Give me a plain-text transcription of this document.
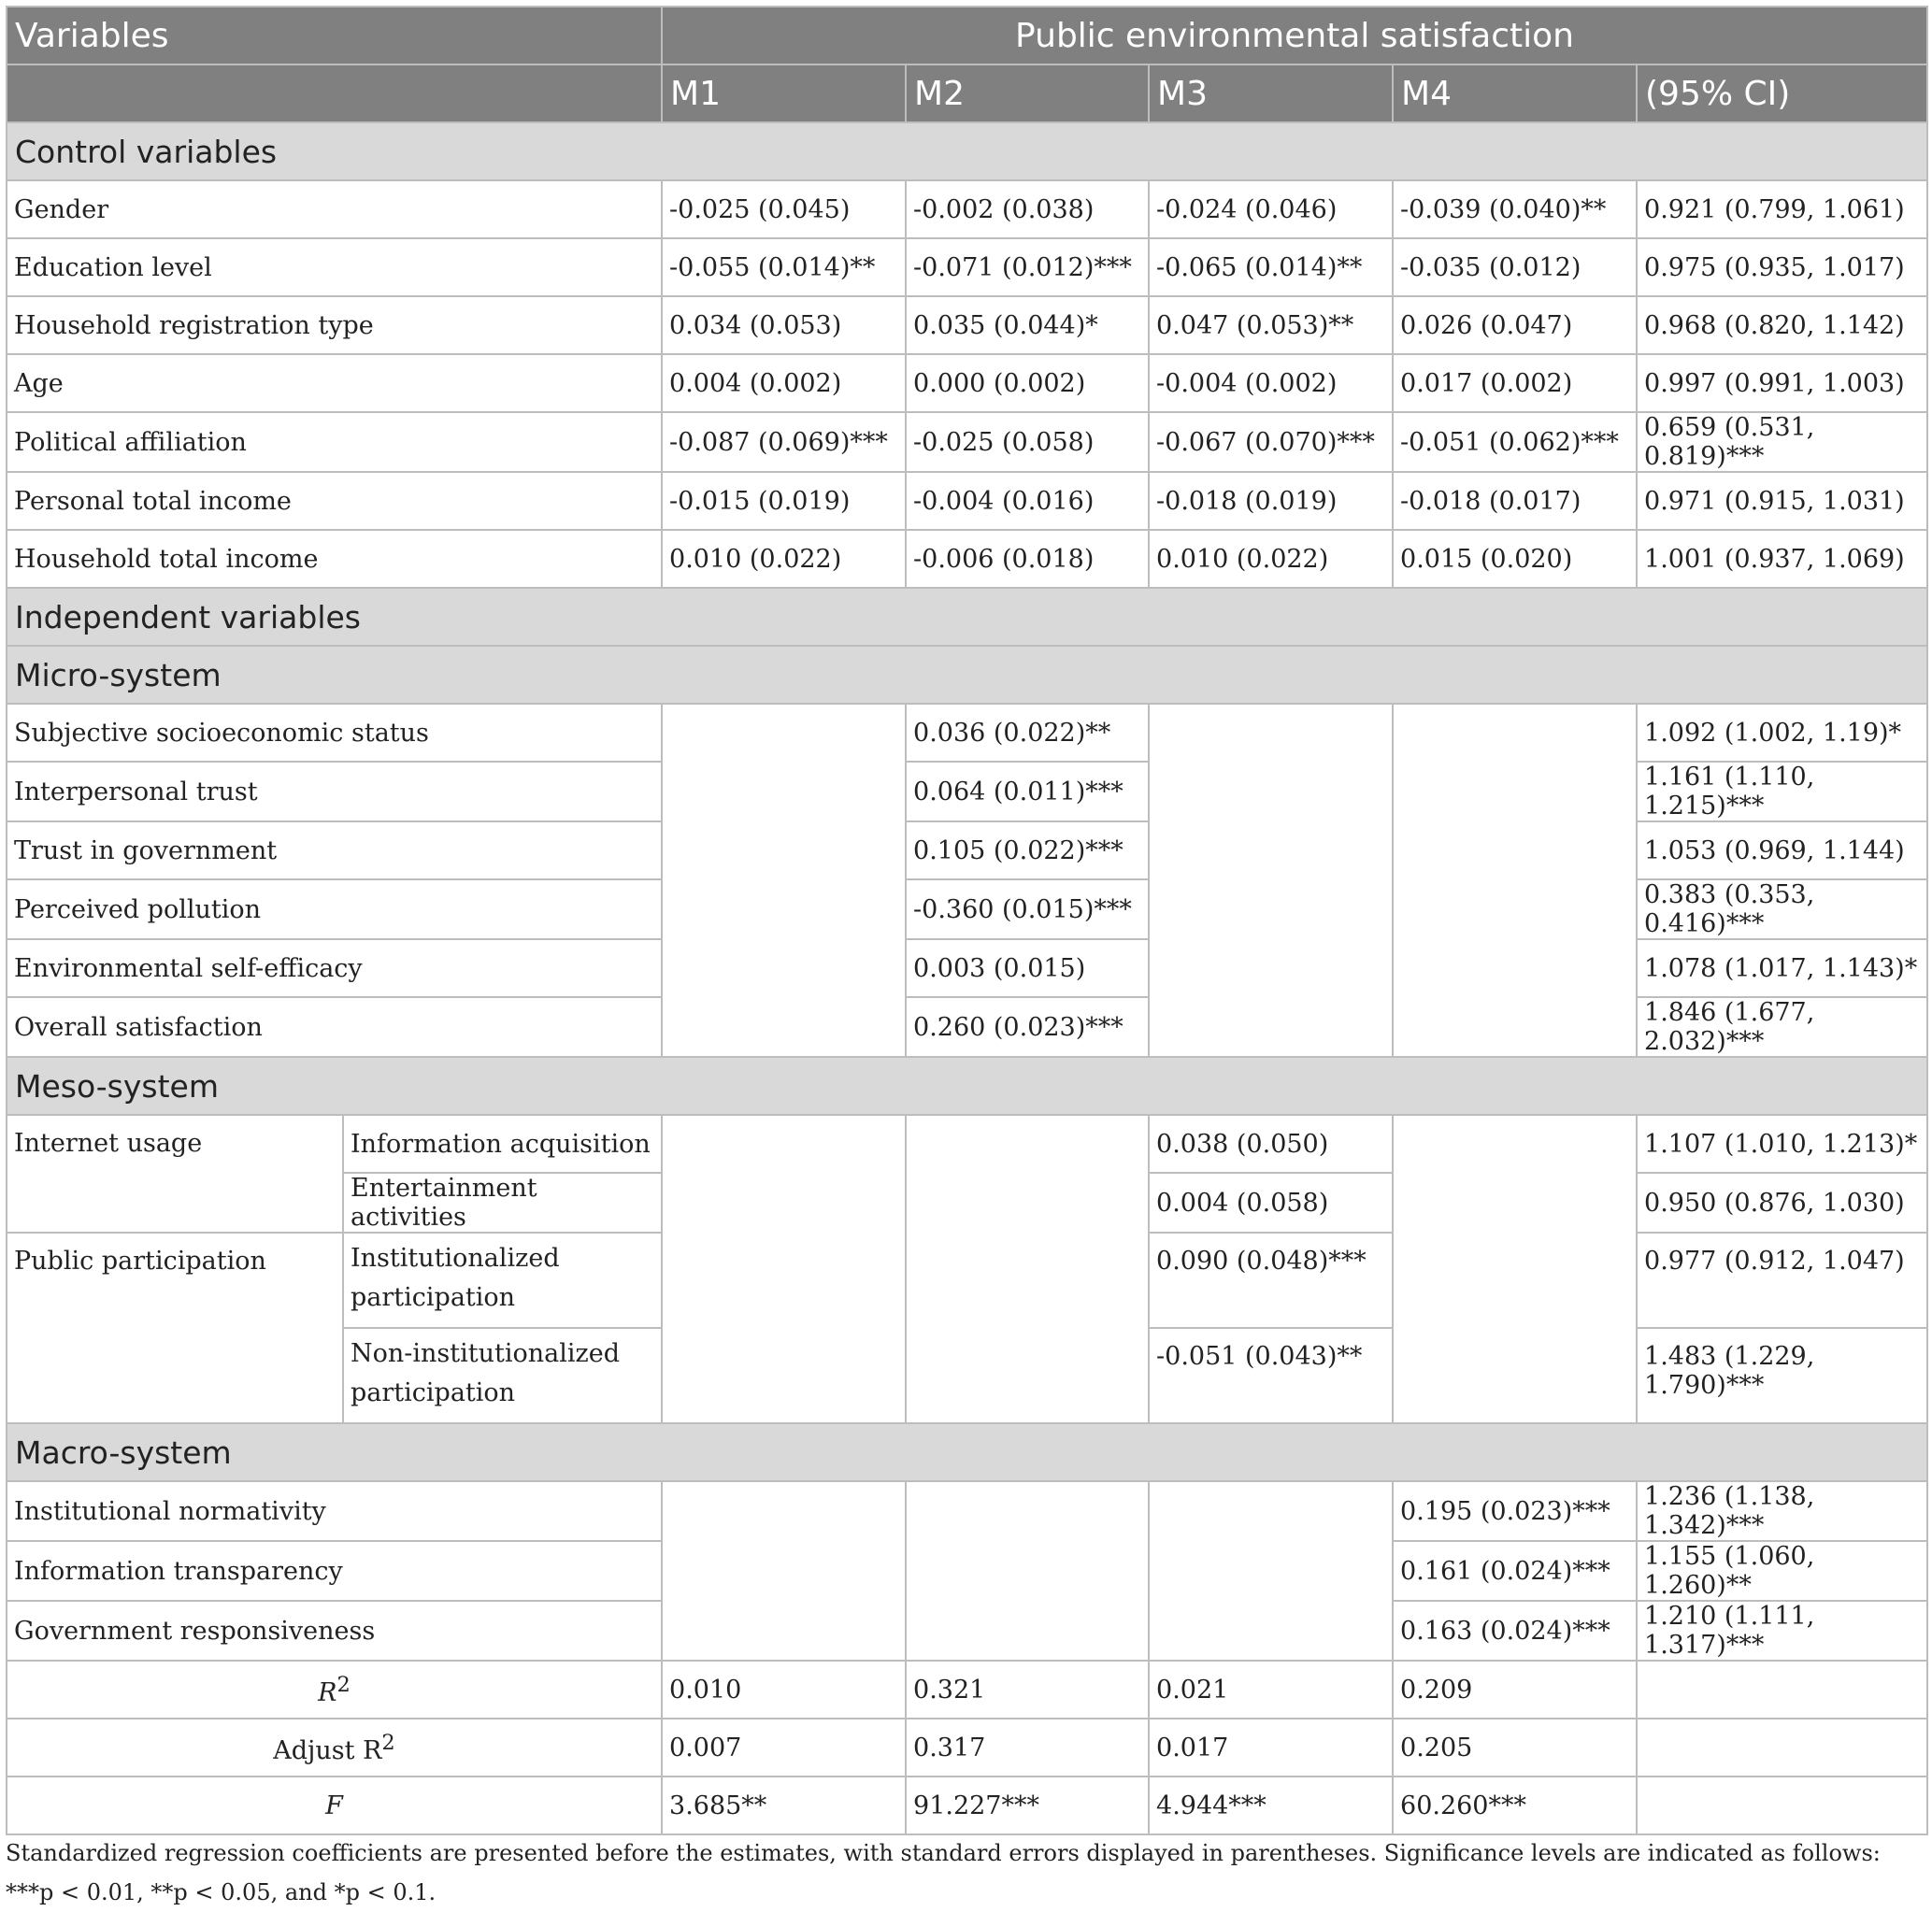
Variables		Public environmental satisfaction				
		M1	M2	M3	M4	(95% CI)
Control variables						
Gender		-0.025 (0.045)	-0.002 (0.038)	-0.024 (0.046)	-0.039 (0.040)**	0.921 (0.799, 1.061)
Education level		-0.055 (0.014)**	-0.071 (0.012)***	-0.065 (0.014)**	-0.035 (0.012)	0.975 (0.935, 1.017)
Household registration type		0.034 (0.053)	0.035 (0.044)*	0.047 (0.053)**	0.026 (0.047)	0.968 (0.820, 1.142)
Age		0.004 (0.002)	0.000 (0.002)	-0.004 (0.002)	0.017 (0.002)	0.997 (0.991, 1.003)
Political affiliation		-0.087 (0.069)***	-0.025 (0.058)	-0.067 (0.070)***	-0.051 (0.062)***	0.659 (0.531, 0.819)***
Personal total income		-0.015 (0.019)	-0.004 (0.016)	-0.018 (0.019)	-0.018 (0.017)	0.971 (0.915, 1.031)
Household total income		0.010 (0.022)	-0.006 (0.018)	0.010 (0.022)	0.015 (0.020)	1.001 (0.937, 1.069)
Independent variables						
Micro-system						
Subjective socioeconomic status			0.036 (0.022)**			1.092 (1.002, 1.19)*
Interpersonal trust			0.064 (0.011)***			1.161 (1.110, 1.215)***
Trust in government			0.105 (0.022)***			1.053 (0.969, 1.144)
Perceived pollution			-0.360 (0.015)***			0.383 (0.353, 0.416)***
Environmental self-efficacy			0.003 (0.015)			1.078 (1.017, 1.143)*
Overall satisfaction			0.260 (0.023)***			1.846 (1.677, 2.032)***
Meso-system						
Internet usage	Information acquisition			0.038 (0.050)		1.107 (1.010, 1.213)*
	Entertainment activities			0.004 (0.058)		0.950 (0.876, 1.030)
Public participation	Institutionalized participation			0.090 (0.048)***		0.977 (0.912, 1.047)
	Non-institutionalized participation			-0.051 (0.043)**		1.483 (1.229, 1.790)***
Macro-system						
Institutional normativity					0.195 (0.023)***	1.236 (1.138, 1.342)***
Information transparency					0.161 (0.024)***	1.155 (1.060, 1.260)**
Government responsiveness					0.163 (0.024)***	1.210 (1.111, 1.317)***
$R^2$		0.010	0.321	0.021	0.209	
Adjust $R^2$		0.007	0.317	0.017	0.205	
F		3.685**	91.227***	4.944***	60.260***	
Standardized regression coefficients are presented before the estimates, with standard errors displayed in parentheses. Significance levels are indicated as follows: ***p < 0.01, **p < 0.05, and *p < 0.1.
